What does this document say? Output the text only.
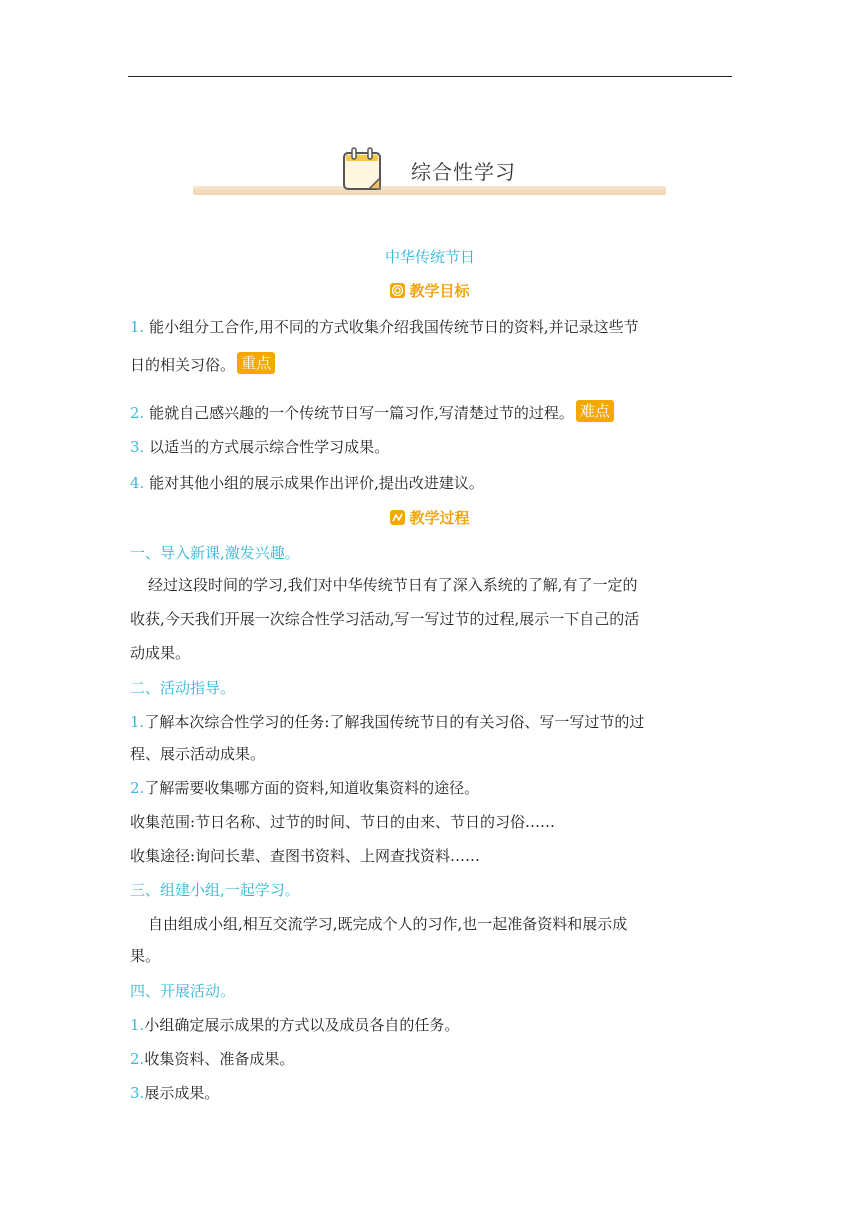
综合性学习
中华传统节日
教学目标
1. 能小组分工合作,用不同的方式收集介绍我国传统节日的资料,并记录这些节
日的相关习俗。 重点
2. 能就自己感兴趣的一个传统节日写一篇习作,写清楚过节的过程。 难点
3. 以适当的方式展示综合性学习成果。
4. 能对其他小组的展示成果作出评价,提出改进建议。
教学过程
一、导入新课,激发兴趣。
经过这段时间的学习,我们对中华传统节日有了深入系统的了解,有了一定的
收获,今天我们开展一次综合性学习活动,写一写过节的过程,展示一下自己的活
动成果。
二、活动指导。
1.了解本次综合性学习的任务:了解我国传统节日的有关习俗、写一写过节的过
程、展示活动成果。
2.了解需要收集哪方面的资料,知道收集资料的途径。
收集范围:节日名称、过节的时间、节日的由来、节日的习俗……
收集途径:询问长辈、查图书资料、上网查找资料……
三、组建小组,一起学习。
自由组成小组,相互交流学习,既完成个人的习作,也一起准备资料和展示成
果。
四、开展活动。
1.小组确定展示成果的方式以及成员各自的任务。
2.收集资料、准备成果。
3.展示成果。
